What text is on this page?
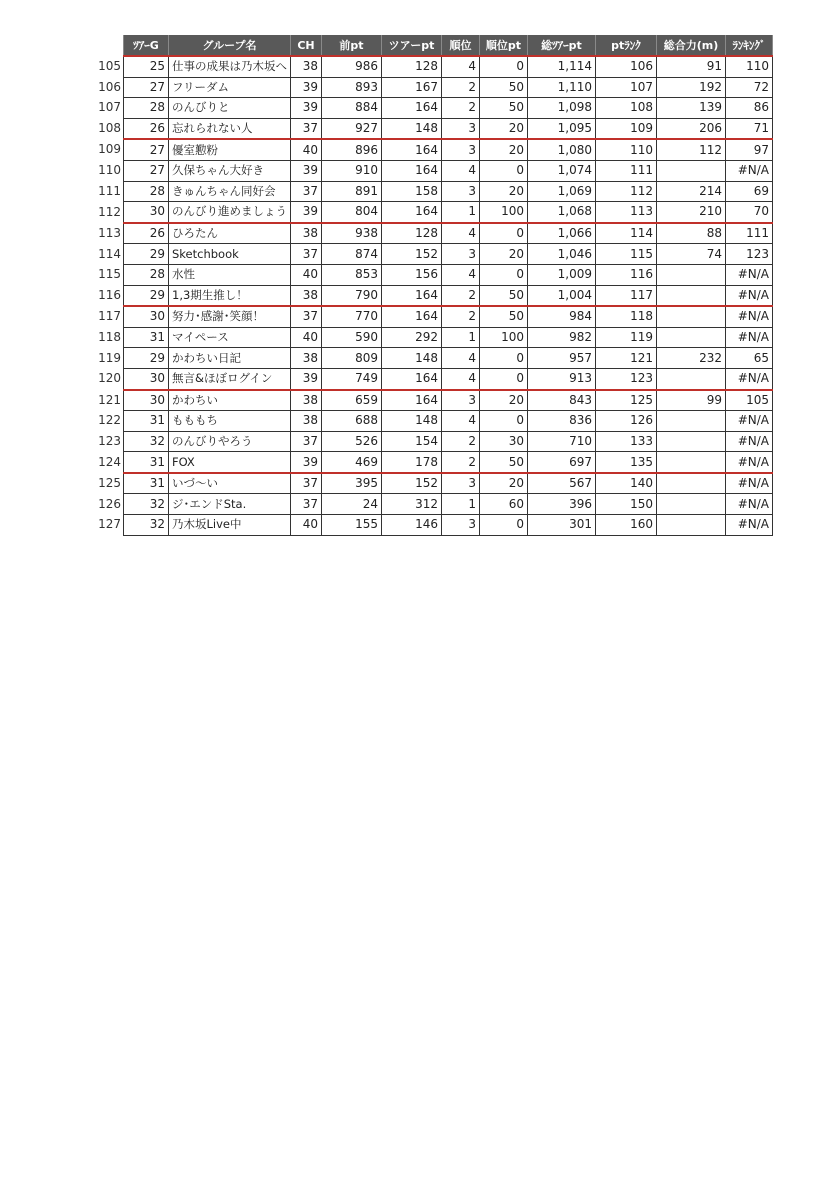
	ﾂｱｰG	グループ名	CH	前pt	ツアーpt	順位	順位pt	総ﾂｱｰpt	ptﾗﾝｸ	総合力(m)	ﾗﾝｷﾝｸﾞ
105	25	仕事の成果は乃木坂へ	38	986	128	4	0	1,114	106	91	110
106	27	フリーダム	39	893	167	2	50	1,110	107	192	72
107	28	のんびりと	39	884	164	2	50	1,098	108	139	86
108	26	忘れられない人	37	927	148	3	20	1,095	109	206	71
109	27	優室懃粉	40	896	164	3	20	1,080	110	112	97
110	27	久保ちゃん大好き	39	910	164	4	0	1,074	111		#N/A
111	28	きゅんちゃん同好会	37	891	158	3	20	1,069	112	214	69
112	30	のんびり進めましょう	39	804	164	1	100	1,068	113	210	70
113	26	ひろたん	38	938	128	4	0	1,066	114	88	111
114	29	Sketchbook	37	874	152	3	20	1,046	115	74	123
115	28	水性	40	853	156	4	0	1,009	116		#N/A
116	29	1,3期生推し！	38	790	164	2	50	1,004	117		#N/A
117	30	努力･感謝･笑顔！	37	770	164	2	50	984	118		#N/A
118	31	マイペース	40	590	292	1	100	982	119		#N/A
119	29	かわちい日記	38	809	148	4	0	957	121	232	65
120	30	無言&ほぼログイン	39	749	164	4	0	913	123		#N/A
121	30	かわちい	38	659	164	3	20	843	125	99	105
122	31	もももち	38	688	148	4	0	836	126		#N/A
123	32	のんびりやろう	37	526	154	2	30	710	133		#N/A
124	31	FOX	39	469	178	2	50	697	135		#N/A
125	31	いづ～い	37	395	152	3	20	567	140		#N/A
126	32	ジ･エンドSta.	37	24	312	1	60	396	150		#N/A
127	32	乃木坂Live中	40	155	146	3	0	301	160		#N/A
